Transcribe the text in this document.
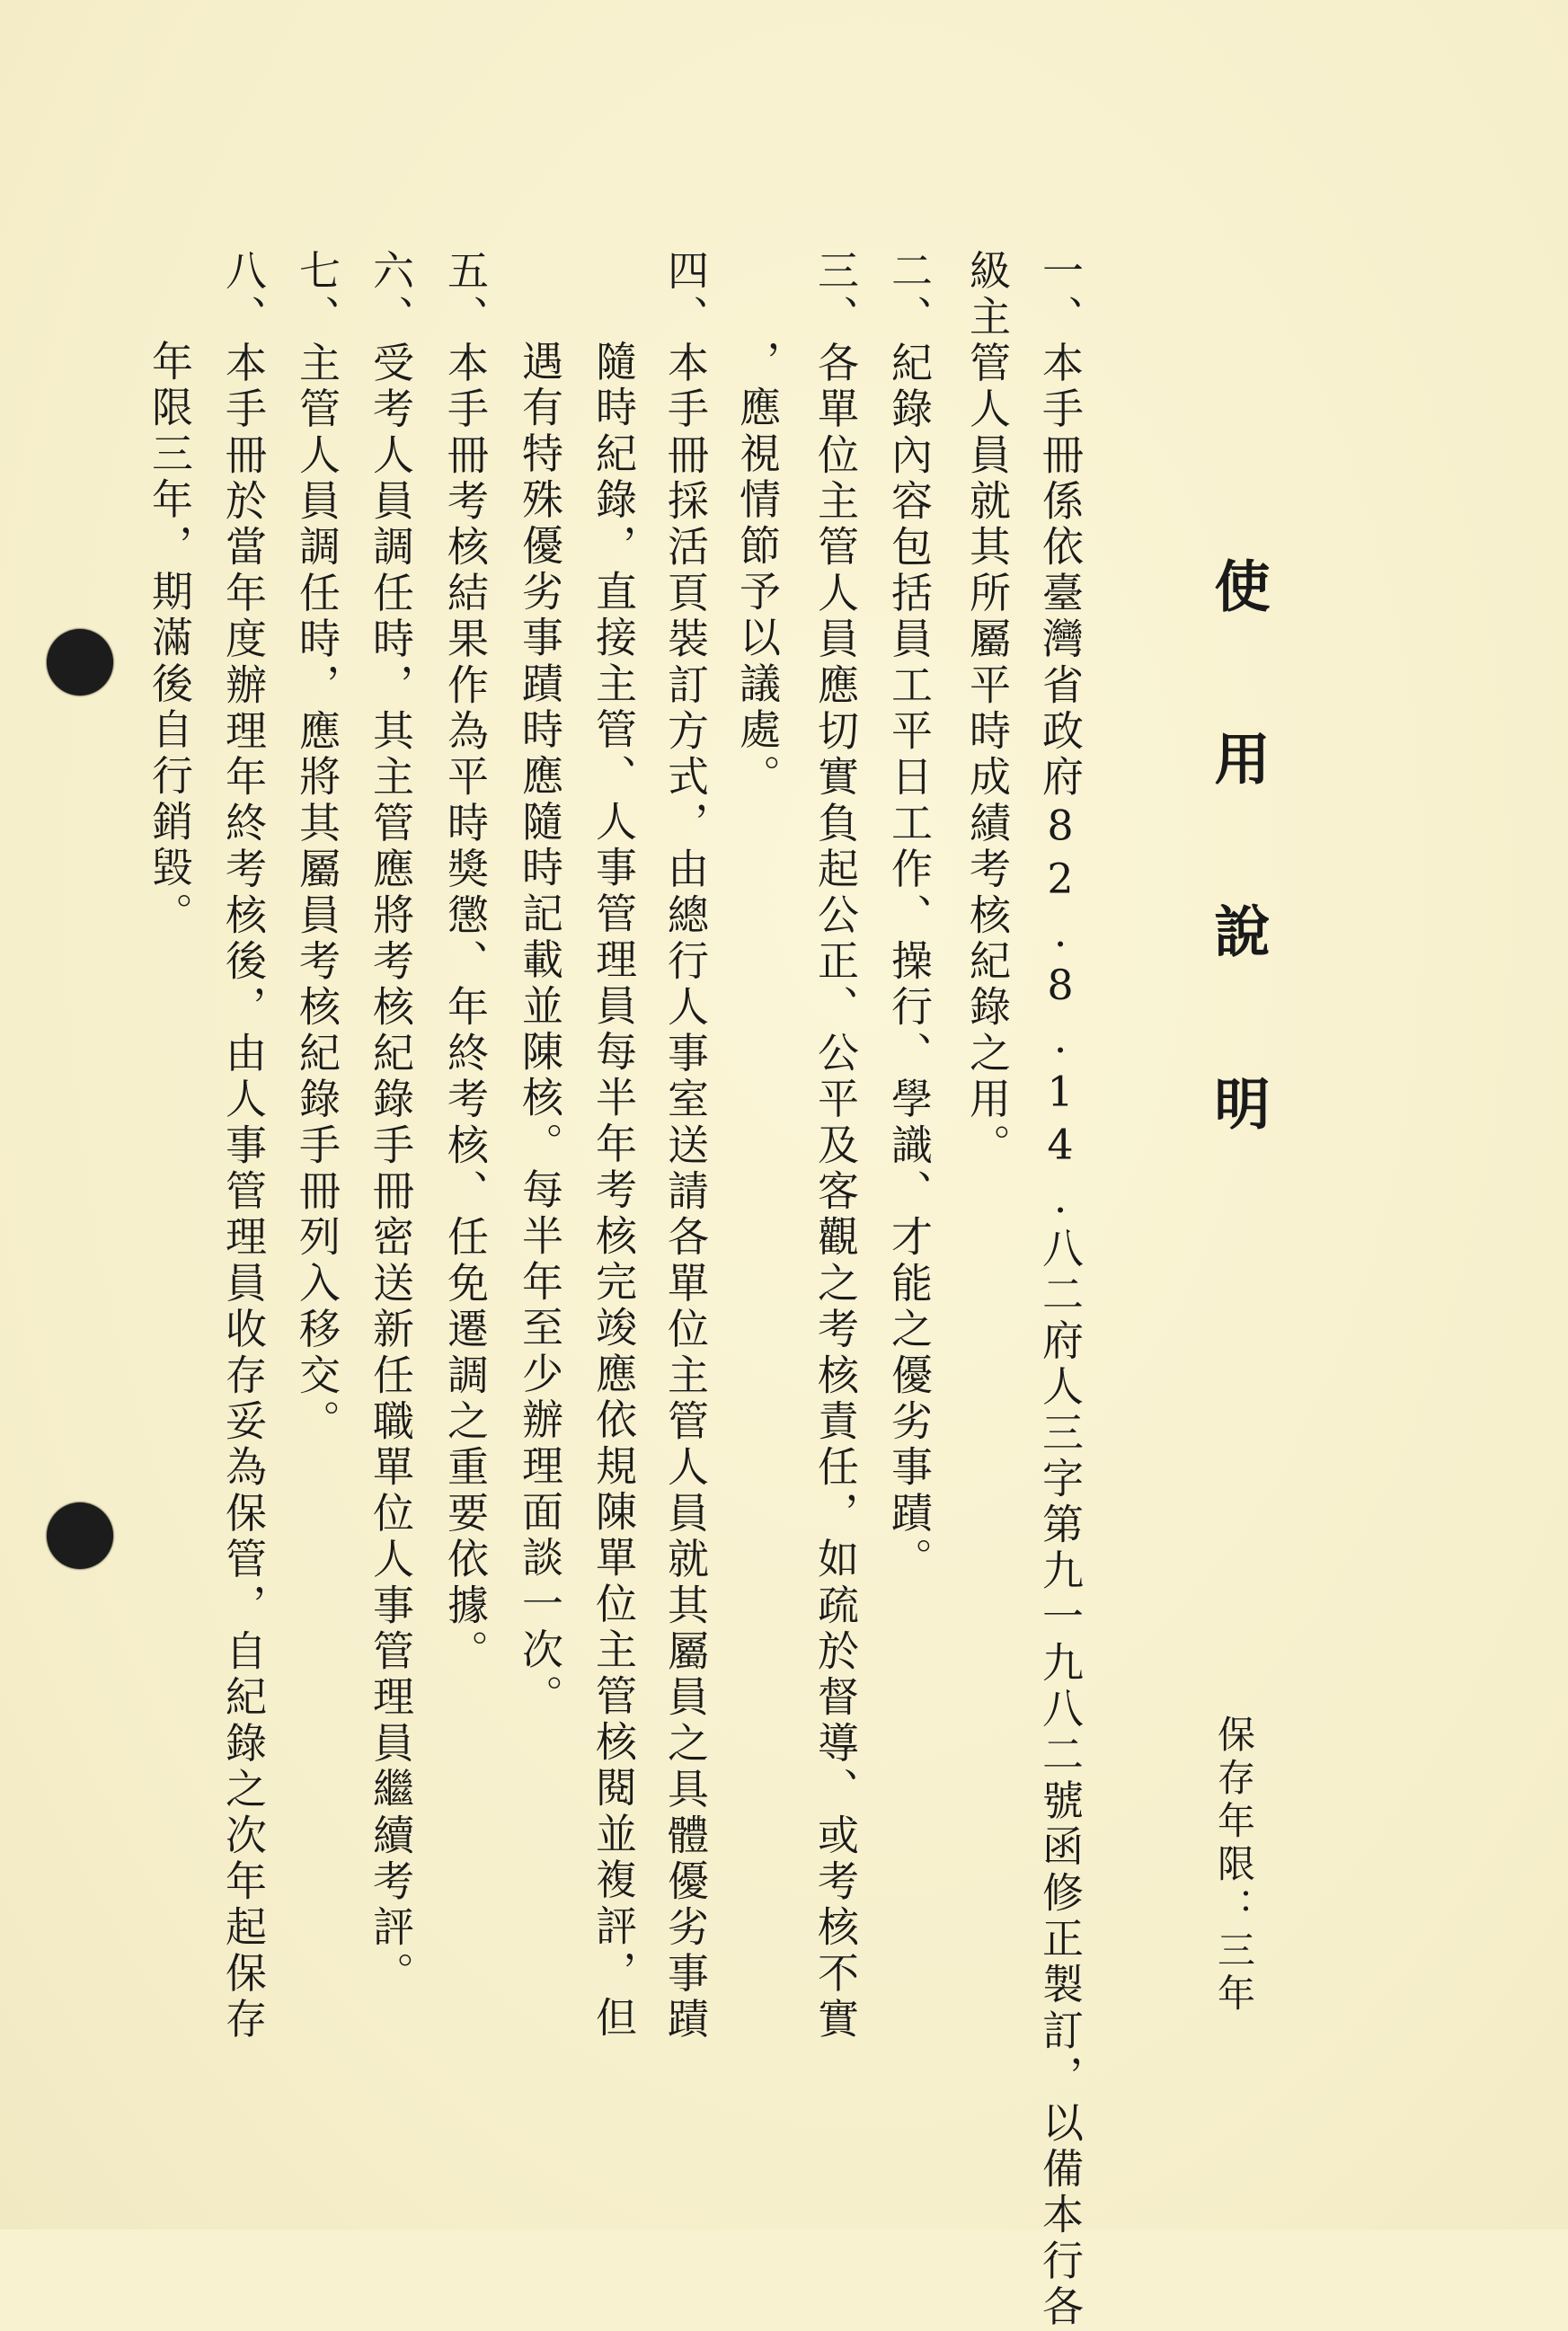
使用說明
保存年限：三年

一、本手冊係依臺灣省政府82.8.14.八二府人三字第九一九八二號函修正製訂，以備本行各

級主管人員就其所屬平時成績考核紀錄之用。

二、紀錄內容包括員工平日工作、操行、學識、才能之優劣事蹟。

三、各單位主管人員應切實負起公正、公平及客觀之考核責任，如疏於督導、或考核不實

，應視情節予以議處。

四、本手冊採活頁裝訂方式，由總行人事室送請各單位主管人員就其屬員之具體優劣事蹟

隨時紀錄，直接主管、人事管理員每半年考核完竣應依規陳單位主管核閱並複評，但

遇有特殊優劣事蹟時應隨時記載並陳核。每半年至少辦理面談一次。

五、本手冊考核結果作為平時獎懲、年終考核、任免遷調之重要依據。

六、受考人員調任時，其主管應將考核紀錄手冊密送新任職單位人事管理員繼續考評。

七、主管人員調任時，應將其屬員考核紀錄手冊列入移交。

八、本手冊於當年度辦理年終考核後，由人事管理員收存妥為保管，自紀錄之次年起保存

年限三年，期滿後自行銷毀。
